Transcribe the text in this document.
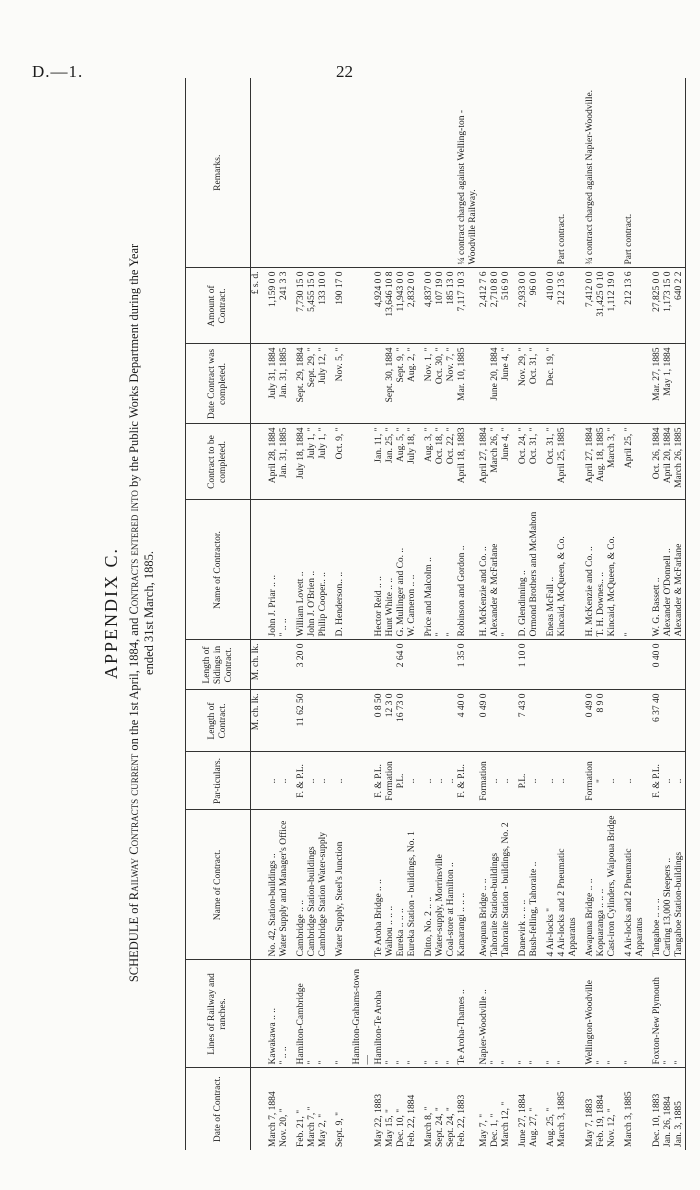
D.—1.	22
APPENDIX C.
SCHEDULE of Railway Contracts current on the 1st April, 1884, and Contracts entered into by the Public Works Department during the Year
ended 31st March, 1885.
Date of Contract.	Lines of Railway and ranches.	Name of Contract.	Par-ticulars.	Length of Contract.	Length of Sidings in Contract.	Name of Contractor.	Contract to be completed.	Date Contract was completed.	Amount of Contract.	Remarks.
				M. ch. lk.	M. ch. lk.				£ s. d.	
March 7, 1884	Kawakawa .. ..	No. 42, Station-buildings ..	..			John J. Priar .. ..	April 28, 1884	July 31, 1884	1,159 0 0	
Nov. 20, "	" .. ..	Water Supply and Manager's Office	..			" .. ..	Jan. 31, 1885	Jan. 31, 1885	241 3 3	
Feb. 21, "	Hamilton-Cambridge	Cambridge .. ..	F. & P.L.	11 62 50	3 20 0	William Lovett ..	July 18, 1884	Sept. 29, 1884	7,730 15 0	
March 7, "	"	Cambridge Station-buildings	..			John J. O'Brien ..	July 1, "	Sept. 29, "	5,455 15 0	
May 2, "	"	Cambridge Station Water-supply	..			Philip Cooper.. ..	July 1, "	July 12, "	133 10 0	
Sept. 9, "	"	Water Supply, Steel's Junction	..			D. Henderson.. ..	Oct. 9, "	Nov. 5, "	190 17 0	
	Hamilton-Grahams-town—									
May 22, 1883	Hamilton-Te Aroha	Te Aroha Bridge .. ..	F. & P.L.	0 8 50		Hector Reid .. ..	Jan. 11, "		4,924 0 0	
May 15, "	"	Waihou .. .. ..	Formation	12 3 0		Hunt White .. ..	Jan. 25, "	Sept. 30, 1884	13,646 10 8	
Dec. 10, "	"	Eureka .. .. ..	P.L.	16 73 0	2 64 0	G. Mullinger and Co. ..	Aug. 5, "	Sept. 9, "	11,943 0 0	
Feb. 22, 1884	"	Eureka Station - buildings, No. 1	..			W. Cameron .. ..	July 18, "	Aug. 2, "	2,832 0 0	
March 8, "	"	Ditto, No. 2 .. ..	..			Price and Malcolm ..	Aug. 3, "	Nov. 1, "	4,837 0 0	
Sept. 24, "	"	Water-supply, Morrinsville	..			"	Oct. 18, "	Oct. 30, "	107 19 0	
Sept. 24, "	"	Coal-store at Hamilton ..	..			"	Oct. 22, "	Nov. 7, "	185 13 0	
Feb. 22, 1883	Te Aroha-Thames ..	Kamarangi .. .. ..	F. & P.L.	4 40 0	1 35 0	Robinson and Gordon ..	April 18, 1883	Mar. 10, 1885	7,117 10 3	¼ contract charged against Welling-ton - Woodville Railway.
May 7, "	Napier-Woodville ..	Awapuna Bridge .. ..	Formation	0 49 0		H. McKenzie and Co. ..	April 27, 1884		2,412 7 6	
Dec. 1, "	"	Tahoraite Station-buildings	..			Alexander & McFarlane	March 26, "	June 20, 1884	2,710 8 0	
March 12, "	"	Tahoraite Station - buildings, No. 2	..			"	June 4, "	June 4, "	516 9 0	
June 27, 1884	"	Danevirk .. .. ..	P.L.	7 43 0	1 10 0	D. Glendinning ..	Oct. 24, "	Nov. 29, "	2,933 0 0	
Aug. 27, "	"	Bush-felling, Tahoraite ..	..			Ormond Brothers and McMahon	Oct. 31, "	Oct. 31, "	96 0 0	
Aug. 25, "	"	4 Air-locks "	..			Eneas McFall ..	Oct. 31, "	Dec. 19, "	410 0 0	
March 3, 1885	"	4 Air-locks and 2 Pneumatic Apparatus	..			Kincaid, McQueen, & Co.	April 25, 1885		212 13 6	Part contract.
May 7, 1883	Wellington-Woodville	Awapuna Bridge .. ..	Formation	0 49 0		H. McKenzie and Co. ..	April 27, 1884		7,412 0 0	¾ contract charged against Napier-Woodville.
Feb. 19, 1884	"	Kopuaranga .. .. ..	"	8 9 0		T. H. Downes.. ..	Aug. 18, 1885		31,425 0 10	
Nov. 12, "	"	Cast-iron Cylinders, Waipoua Bridge	..			Kincaid, McQueen, & Co.	March 3, "		1,112 19 0	
March 3, 1885	"	4 Air-locks and 2 Pneumatic Apparatus	..			"	April 25, "		212 13 6	Part contract.
Dec. 10, 1883	Foxton-New Plymouth	Tangahoe .. .. ..	F. & P.L.	6 37 40	0 40 0	W. G. Bassett ..	Oct. 26, 1884	Mar. 27, 1885	27,825 0 0	
Jan. 26, 1884	"	Carting 13,000 Sleepers ..	..			Alexander O'Donnell ..	April 20, 1884	May 1, 1884	1,173 15 0	
Jan. 3, 1885	"	Tangahoe Station-buildings	..			Alexander & McFarlane	March 26, 1885		640 2 2	
